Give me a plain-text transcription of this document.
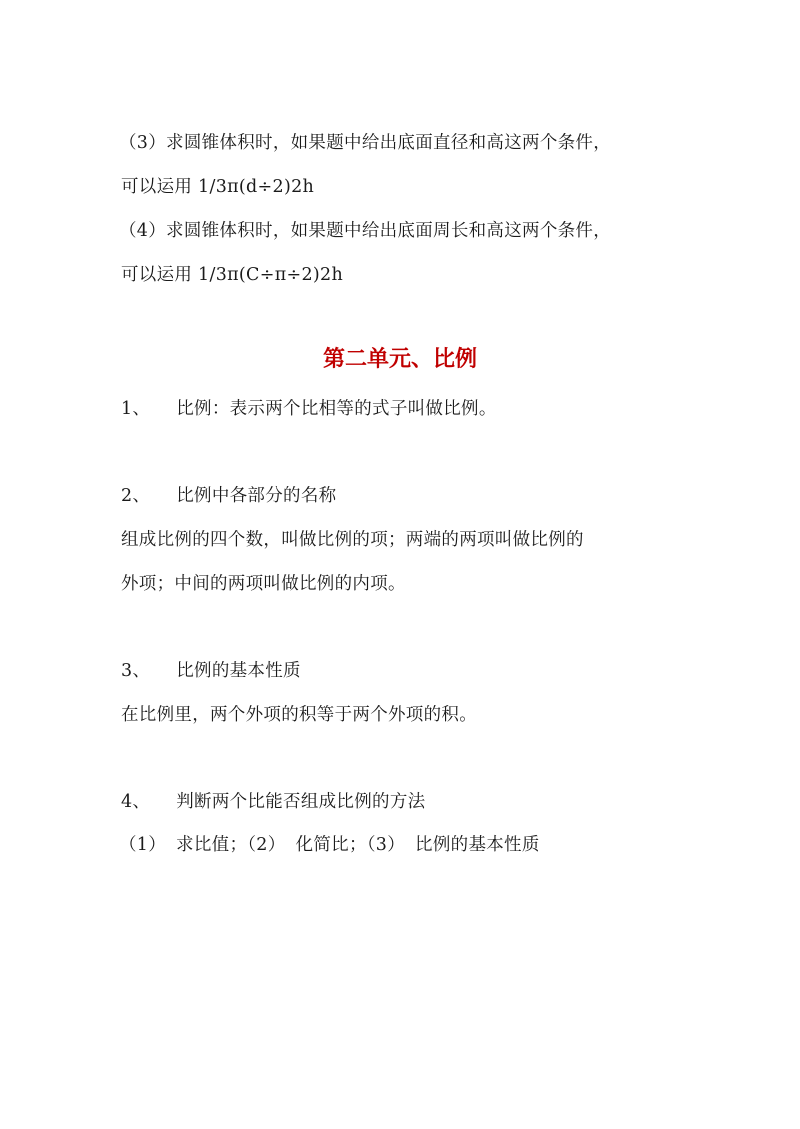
（3）求圆锥体积时，如果题中给出底面直径和高这两个条件，
可以运用 1/3π(d÷2)2h
（4）求圆锥体积时，如果题中给出底面周长和高这两个条件，
可以运用 1/3π(C÷π÷2)2h
第二单元、比例
1、 比例：表示两个比相等的式子叫做比例。
2、 比例中各部分的名称
组成比例的四个数，叫做比例的项；两端的两项叫做比例的
外项；中间的两项叫做比例的内项。
3、 比例的基本性质
在比例里，两个外项的积等于两个外项的积。
4、 判断两个比能否组成比例的方法
（1） 求比值；（2） 化简比；（3） 比例的基本性质
